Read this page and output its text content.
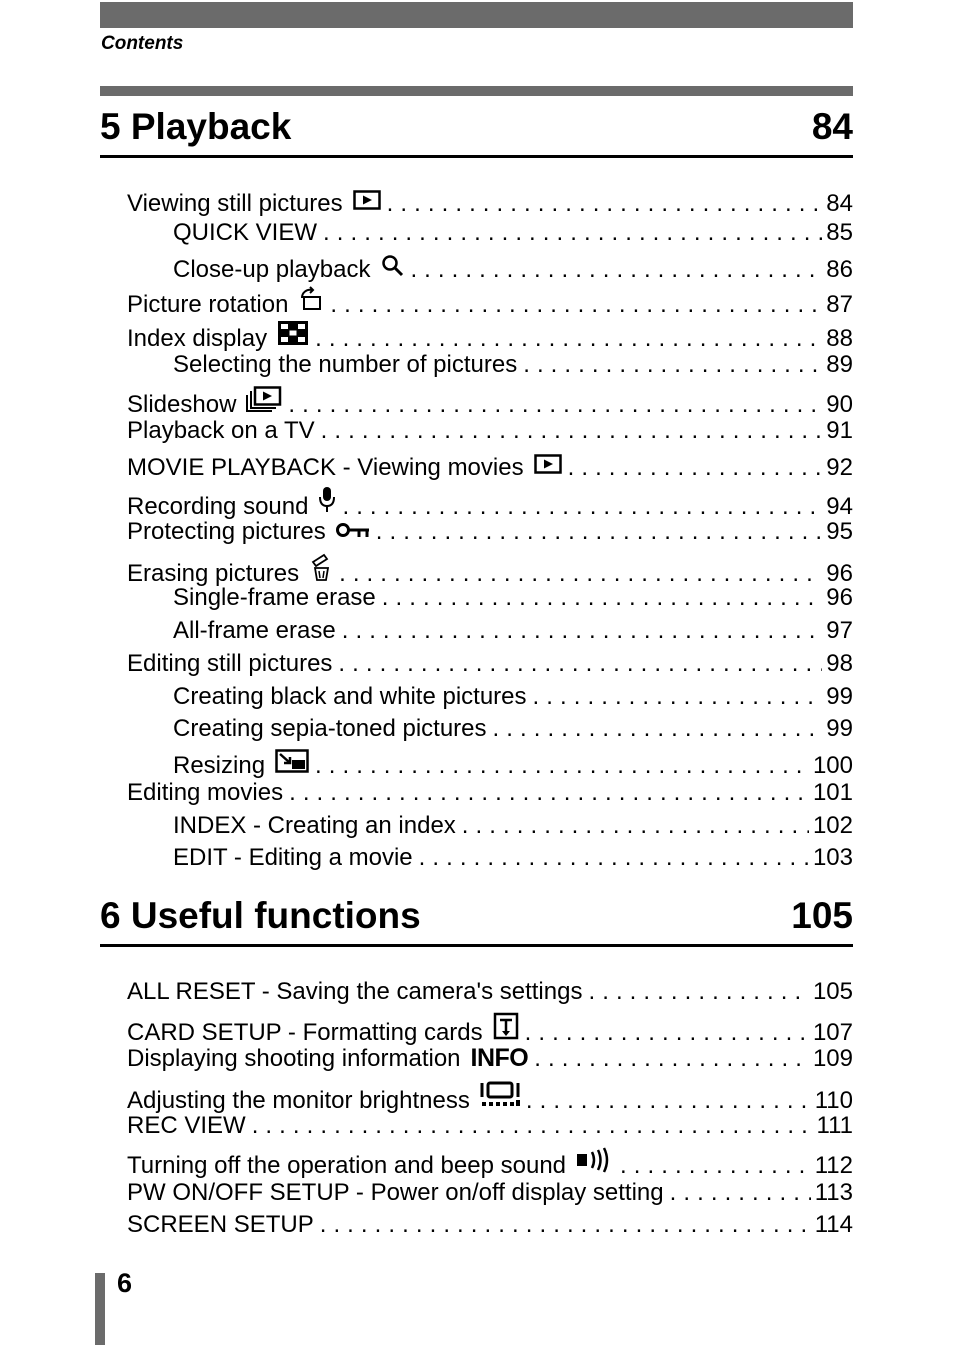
Contents
5 Playback	84
Viewing still pictures . . .	84
QUICK VIEW . . .	85
Close-up playback . . .	86
Picture rotation . . .	87
Index display . . .	88
Selecting the number of pictures . . .	89
Slideshow . . .	90
Playback on a TV . . .	91
MOVIE PLAYBACK - Viewing movies . . .	92
Recording sound . . .	94
Protecting pictures . . .	95
Erasing pictures . . .	96
Single-frame erase . . .	96
All-frame erase . . .	97
Editing still pictures . . .	98
Creating black and white pictures . . .	99
Creating sepia-toned pictures . . .	99
Resizing . . .	100
Editing movies . . .	101
INDEX - Creating an index . . .	102
EDIT - Editing a movie . . .	103
6 Useful functions	105
ALL RESET - Saving the camera's settings . . .	105
CARD SETUP - Formatting cards . . .	107
Displaying shooting information INFO . . .	109
Adjusting the monitor brightness . . .	110
REC VIEW . . .	111
Turning off the operation and beep sound . . .	112
PW ON/OFF SETUP - Power on/off display setting . . .	113
SCREEN SETUP . . .	114
6
